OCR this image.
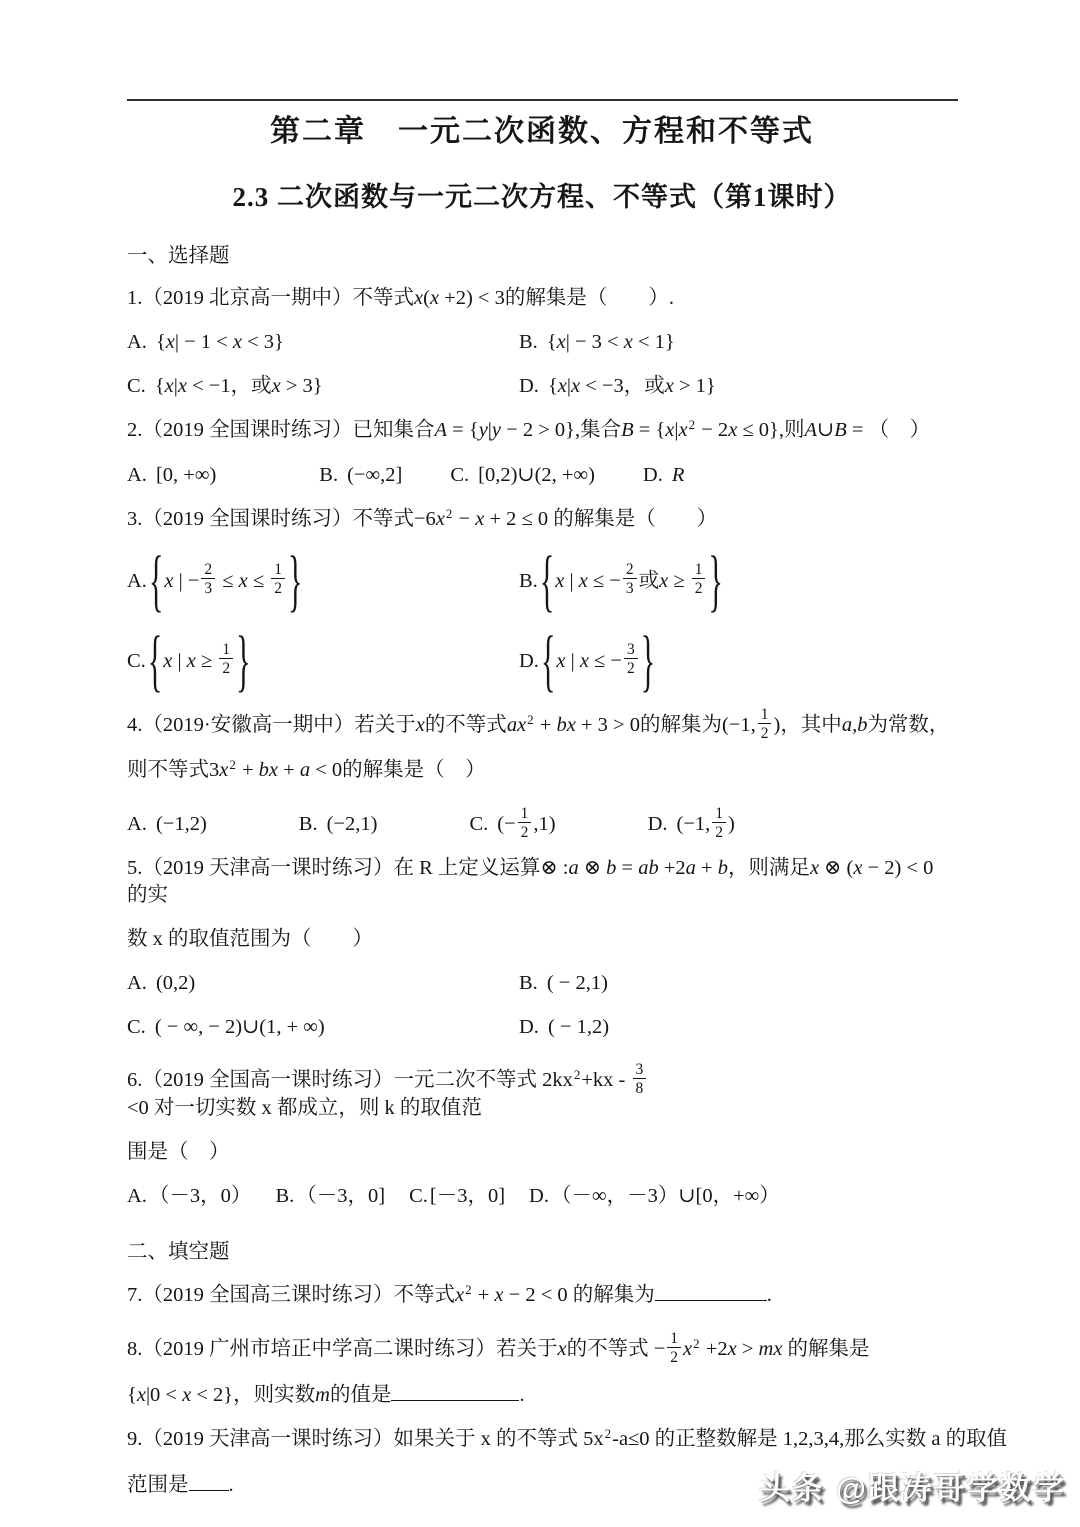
第二章　一元二次函数、方程和不等式
2.3 二次函数与一元二次方程、不等式（第1课时）
一、选择题
1.（2019 北京高一期中）不等式x(x +2) < 3的解集是（　　）.
A. {x| − 1 < x < 3}	B. {x| − 3 < x < 1}
C. {x|x < −1，或x > 3}	D. {x|x < −3，或x > 1}
2.（2019 全国课时练习）已知集合A = {y|y − 2 > 0},集合$B = \{x|x^2 - 2x \le 0\}$,则A∪B = （　）
A. [0, +∞)	B. (−∞,2] C. [0,2)∪(2, +∞) D. R
3.（2019 全国课时练习）不等式$-6x^2 - x + 2 \le 0$ 的解集是（　　）
A. { x | − $\frac{2}{3} \le x \le \frac{1}{2}$ }	B. { x | x ≤ − $\frac{2}{3}$ 或 $x \ge \frac{1}{2}$ }
C. { x | $x \ge \frac{1}{2}$ }	D. { x | x ≤ − $\frac{3}{2}$ }
4.（2019·安徽高一期中）若关于x的不等式$ax^2$ + bx + 3 > 0的解集为(−1, $\frac{1}{2}$ )，其中a,b为常数，
则不等式$3x^2$ + bx + a < 0的解集是（　）
A. (−1,2)	B. (−2,1)	C. (− $\frac{1}{2} ,1$)	D. (−1, $\frac{1}{2}$ )
5.（2019 天津高一课时练习）在 R 上定义运算⊗ :a ⊗ b = ab +2a + b，则满足x ⊗ (x − 2) < 0的实
数 x 的取值范围为（　　）
A. (0,2)	B. ( − 2,1)
C. ( − ∞, − 2)∪(1, + ∞)	D. ( − 1,2)
6.（2019 全国高一课时练习）一元二次不等式 $2kx^2+kx - \frac{3}{8}$
<0 对一切实数 x 都成立，则 k 的取值范
围是（　）
A.（－3，0） B.（－3，0] C.[－3，0] D.（－∞，－3）∪[0，+∞）
二、填空题
7.（2019 全国高三课时练习）不等式$x^2 + x - 2 < 0$ 的解集为	.
8.（2019 广州市培正中学高二课时练习）若关于x的不等式 − $\frac{1}{2} x^2 +2x$ > mx 的解集是
{x|0 < x < 2}，则实数m的值是	.
9.（2019 天津高一课时练习）如果关于 x 的不等式 $5x^2-a\le 0$ 的正整数解是 1,2,3,4,那么实数 a 的取值
范围是 .	头条 @跟涛哥学数学
